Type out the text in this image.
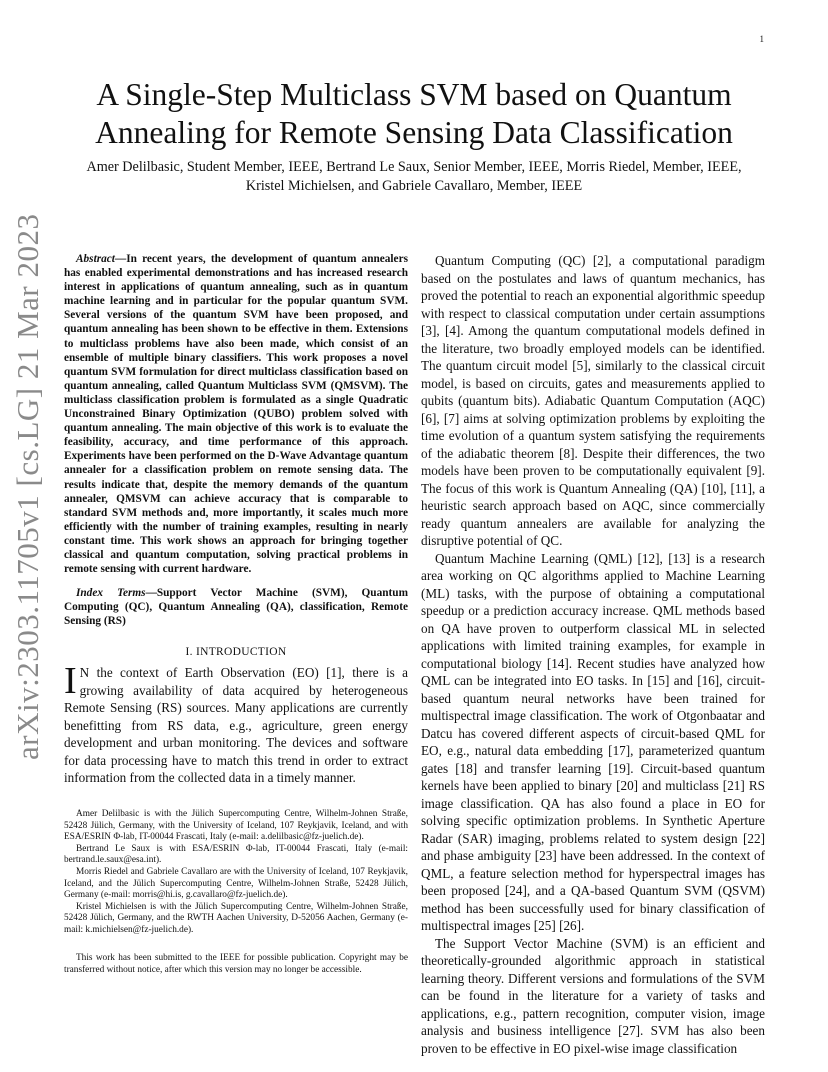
1
arXiv:2303.11705v1 [cs.LG] 21 Mar 2023
A Single-Step Multiclass SVM based on Quantum Annealing for Remote Sensing Data Classification
Amer Delilbasic, Student Member, IEEE, Bertrand Le Saux, Senior Member, IEEE, Morris Riedel, Member, IEEE,
Kristel Michielsen, and Gabriele Cavallaro, Member, IEEE

Abstract—In recent years, the development of quantum annealers has enabled experimental demonstrations and has increased research interest in applications of quantum annealing, such as in quantum machine learning and in particular for the popular quantum SVM. Several versions of the quantum SVM have been proposed, and quantum annealing has been shown to be effective in them. Extensions to multiclass problems have also been made, which consist of an ensemble of multiple binary classifiers. This work proposes a novel quantum SVM formulation for direct multiclass classification based on quantum annealing, called Quantum Multiclass SVM (QMSVM). The multiclass classification problem is formulated as a single Quadratic Unconstrained Binary Optimization (QUBO) problem solved with quantum annealing. The main objective of this work is to evaluate the feasibility, accuracy, and time performance of this approach. Experiments have been performed on the D-Wave Advantage quantum annealer for a classification problem on remote sensing data. The results indicate that, despite the memory demands of the quantum annealer, QMSVM can achieve accuracy that is comparable to standard SVM methods and, more importantly, it scales much more efficiently with the number of training examples, resulting in nearly constant time. This work shows an approach for bringing together classical and quantum computation, solving practical problems in remote sensing with current hardware.

Index Terms—Support Vector Machine (SVM), Quantum Computing (QC), Quantum Annealing (QA), classification, Remote Sensing (RS)

I. INTRODUCTION

I N the context of Earth Observation (EO) [1], there is a growing availability of data acquired by heterogeneous Remote Sensing (RS) sources. Many applications are currently benefitting from RS data, e.g., agriculture, green energy development and urban monitoring. The devices and software for data processing have to match this trend in order to extract information from the collected data in a timely manner.

Amer Delilbasic is with the Jülich Supercomputing Centre, Wilhelm-Johnen Straße, 52428 Jülich, Germany, with the University of Iceland, 107 Reykjavik, Iceland, and with ESA/ESRIN Φ-lab, IT-00044 Frascati, Italy (e-mail: a.delilbasic@fz-juelich.de).

Bertrand Le Saux is with ESA/ESRIN Φ-lab, IT-00044 Frascati, Italy (e-mail: bertrand.le.saux@esa.int).

Morris Riedel and Gabriele Cavallaro are with the University of Iceland, 107 Reykjavik, Iceland, and the Jülich Supercomputing Centre, Wilhelm-Johnen Straße, 52428 Jülich, Germany (e-mail: morris@hi.is, g.cavallaro@fz-juelich.de).

Kristel Michielsen is with the Jülich Supercomputing Centre, Wilhelm-Johnen Straße, 52428 Jülich, Germany, and the RWTH Aachen University, D-52056 Aachen, Germany (e-mail: k.michielsen@fz-juelich.de).

This work has been submitted to the IEEE for possible publication. Copyright may be transferred without notice, after which this version may no longer be accessible.

Quantum Computing (QC) [2], a computational paradigm based on the postulates and laws of quantum mechanics, has proved the potential to reach an exponential algorithmic speedup with respect to classical computation under certain assumptions [3], [4]. Among the quantum computational models defined in the literature, two broadly employed models can be identified. The quantum circuit model [5], similarly to the classical circuit model, is based on circuits, gates and measurements applied to qubits (quantum bits). Adiabatic Quantum Computation (AQC) [6], [7] aims at solving optimization problems by exploiting the time evolution of a quantum system satisfying the requirements of the adiabatic theorem [8]. Despite their differences, the two models have been proven to be computationally equivalent [9]. The focus of this work is Quantum Annealing (QA) [10], [11], a heuristic search approach based on AQC, since commercially ready quantum annealers are available for analyzing the disruptive potential of QC.

Quantum Machine Learning (QML) [12], [13] is a research area working on QC algorithms applied to Machine Learning (ML) tasks, with the purpose of obtaining a computational speedup or a prediction accuracy increase. QML methods based on QA have proven to outperform classical ML in selected applications with limited training examples, for example in computational biology [14]. Recent studies have analyzed how QML can be integrated into EO tasks. In [15] and [16], circuit-based quantum neural networks have been trained for multispectral image classification. The work of Otgonbaatar and Datcu has covered different aspects of circuit-based QML for EO, e.g., natural data embedding [17], parameterized quantum gates [18] and transfer learning [19]. Circuit-based quantum kernels have been applied to binary [20] and multiclass [21] RS image classification. QA has also found a place in EO for solving specific optimization problems. In Synthetic Aperture Radar (SAR) imaging, problems related to system design [22] and phase ambiguity [23] have been addressed. In the context of QML, a feature selection method for hyperspectral images has been proposed [24], and a QA-based Quantum SVM (QSVM) method has been successfully used for binary classification of multispectral images [25] [26].

The Support Vector Machine (SVM) is an efficient and theoretically-grounded algorithmic approach in statistical learning theory. Different versions and formulations of the SVM can be found in the literature for a variety of tasks and applications, e.g., pattern recognition, computer vision, image analysis and business intelligence [27]. SVM has also been proven to be effective in EO pixel-wise image classification
